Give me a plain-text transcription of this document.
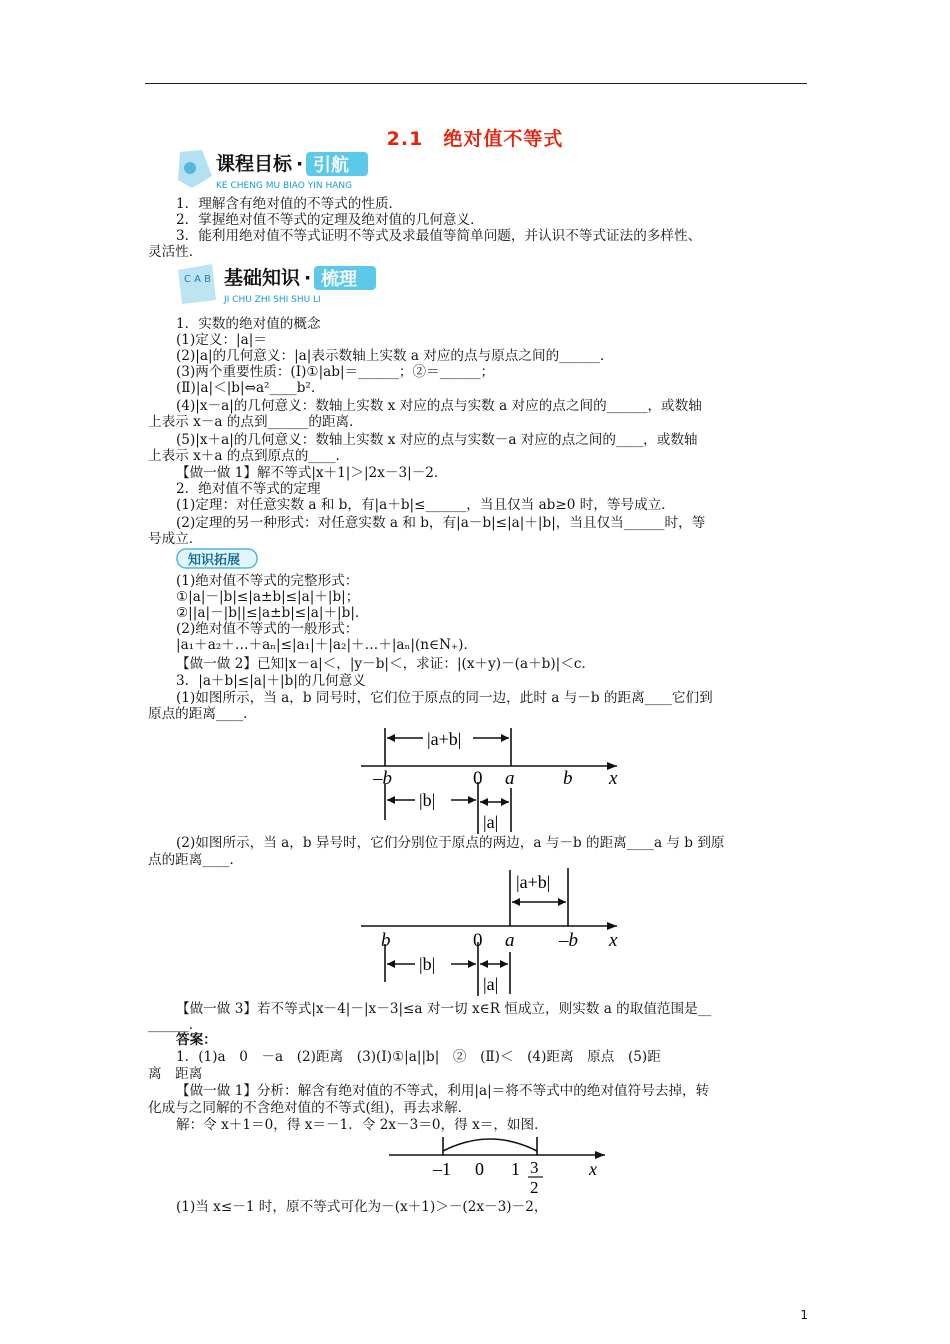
2.1　绝对值不等式
课程目标 · 引航
KE CHENG MU BIAO YIN HANG
C A B 基础知识 · 梳理
JI CHU ZHI SHI SHU LI
1．理解含有绝对值的不等式的性质．
2．掌握绝对值不等式的定理及绝对值的几何意义．
3．能利用绝对值不等式证明不等式及求最值等简单问题，并认识不等式证法的多样性、
灵活性．
1．实数的绝对值的概念
(1)定义：|a|＝
(2)|a|的几何意义：|a|表示数轴上实数 a 对应的点与原点之间的______．
(3)两个重要性质：(Ⅰ)①|ab|＝______；②＝______；
(Ⅱ)|a|＜|b|⇔a²____b².
(4)|x－a|的几何意义：数轴上实数 x 对应的点与实数 a 对应的点之间的______，或数轴
上表示 x－a 的点到______的距离．
(5)|x＋a|的几何意义：数轴上实数 x 对应的点与实数－a 对应的点之间的____，或数轴
上表示 x＋a 的点到原点的____．
【做一做 1】解不等式|x＋1|＞|2x－3|－2．
2．绝对值不等式的定理
(1)定理：对任意实数 a 和 b，有|a＋b|≤______，当且仅当 ab≥0 时，等号成立．
(2)定理的另一种形式：对任意实数 a 和 b，有|a－b|≤|a|＋|b|，当且仅当______时，等
号成立．
知识拓展
(1)绝对值不等式的完整形式：
①|a|－|b|≤|a±b|≤|a|＋|b|；
②||a|－|b||≤|a±b|≤|a|＋|b|．
(2)绝对值不等式的一般形式：
|a₁＋a₂＋…＋aₙ|≤|a₁|＋|a₂|＋…＋|aₙ|(n∈N₊)．
【做一做 2】已知|x－a|＜，|y－b|＜，求证：|(x＋y)－(a＋b)|＜c．
3．|a＋b|≤|a|＋|b|的几何意义
(1)如图所示，当 a，b 同号时，它们位于原点的同一边，此时 a 与－b 的距离____它们到
原点的距离____．
|a+b|
–b	0 a	b x
|b|
|a|
(2)如图所示，当 a，b 异号时，它们分别位于原点的两边，a 与－b 的距离____a 与 b 到原
点的距离____．
|a+b|
b	0 a –b x
|b|
|a|
【做一做 3】若不等式|x－4|－|x－3|≤a 对一切 x∈R 恒成立，则实数 a 的取值范围是__
______．
答案：
1．(1)a　0　－a　(2)距离　(3)(Ⅰ)①|a||b|　②　(Ⅱ)＜　(4)距离　原点　(5)距
离　距离
【做一做 1】分析：解含有绝对值的不等式，利用|a|＝将不等式中的绝对值符号去掉，转
化成与之同解的不含绝对值的不等式(组)，再去求解．
解：令 x＋1＝0，得 x＝－1．令 2x－3＝0，得 x＝，如图．
–1 0 1 3
2
x
(1)当 x≤－1 时，原不等式可化为－(x＋1)＞－(2x－3)－2，
1
